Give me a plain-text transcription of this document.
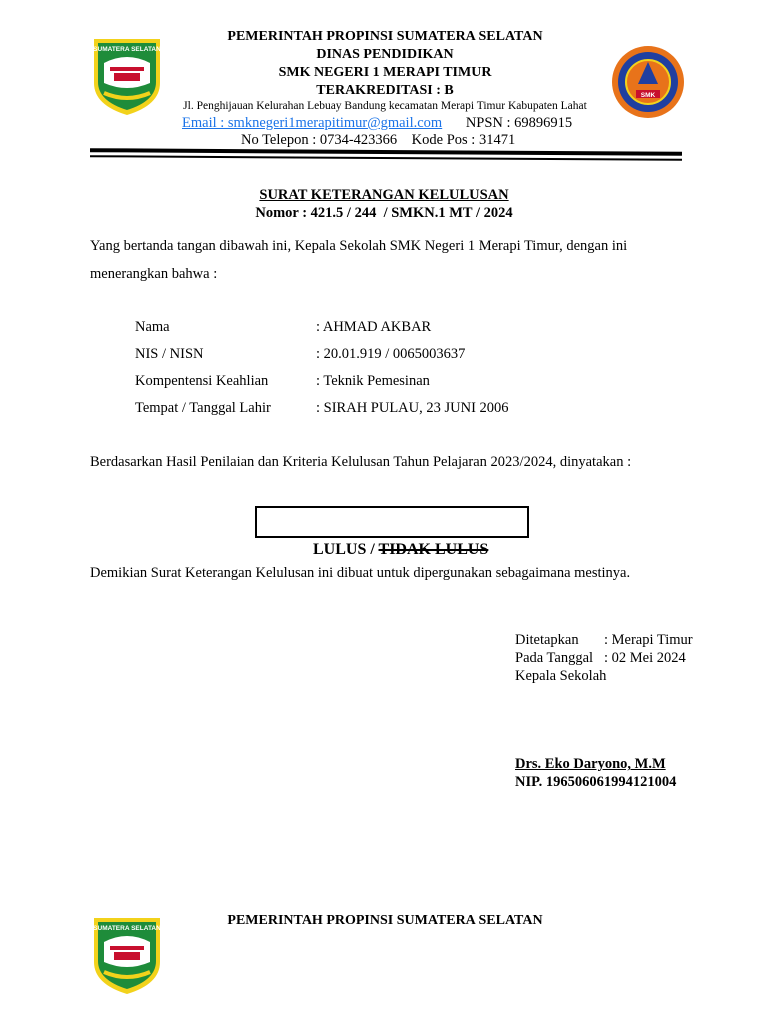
SUMATERA SELATAN
SMK
PEMERINTAH PROPINSI SUMATERA SELATAN
DINAS PENDIDIKAN
SMK NEGERI 1 MERAPI TIMUR
TERAKREDITASI : B
Jl. Penghijauan Kelurahan Lebuay Bandung kecamatan Merapi Timur Kabupaten Lahat
Email : smknegeri1merapitimur@gmail.com NPSN : 69896915
No Telepon : 0734-423366    Kode Pos : 31471
SURAT KETERANGAN KELULUSAN
Nomor : 421.5 / 244  / SMKN.1 MT / 2024
Yang bertanda tangan dibawah ini, Kepala Sekolah SMK Negeri 1 Merapi Timur, dengan ini
menerangkan bahwa :
Nama	: AHMAD AKBAR
NIS / NISN	: 20.01.919 / 0065003637
Kompentensi Keahlian	: Teknik Pemesinan
Tempat / Tanggal Lahir	: SIRAH PULAU, 23 JUNI 2006
Berdasarkan Hasil Penilaian dan Kriteria Kelulusan Tahun Pelajaran 2023/2024, dinyatakan :

LULUS / TIDAK LULUS

Demikian Surat Keterangan Kelulusan ini dibuat untuk dipergunakan sebagaimana mestinya.
Ditetapkan : Merapi Timur
Pada Tanggal : 02 Mei 2024
Kepala Sekolah
Drs. Eko Daryono, M.M
NIP. 196506061994121004
SUMATERA SELATAN
PEMERINTAH PROPINSI SUMATERA SELATAN
